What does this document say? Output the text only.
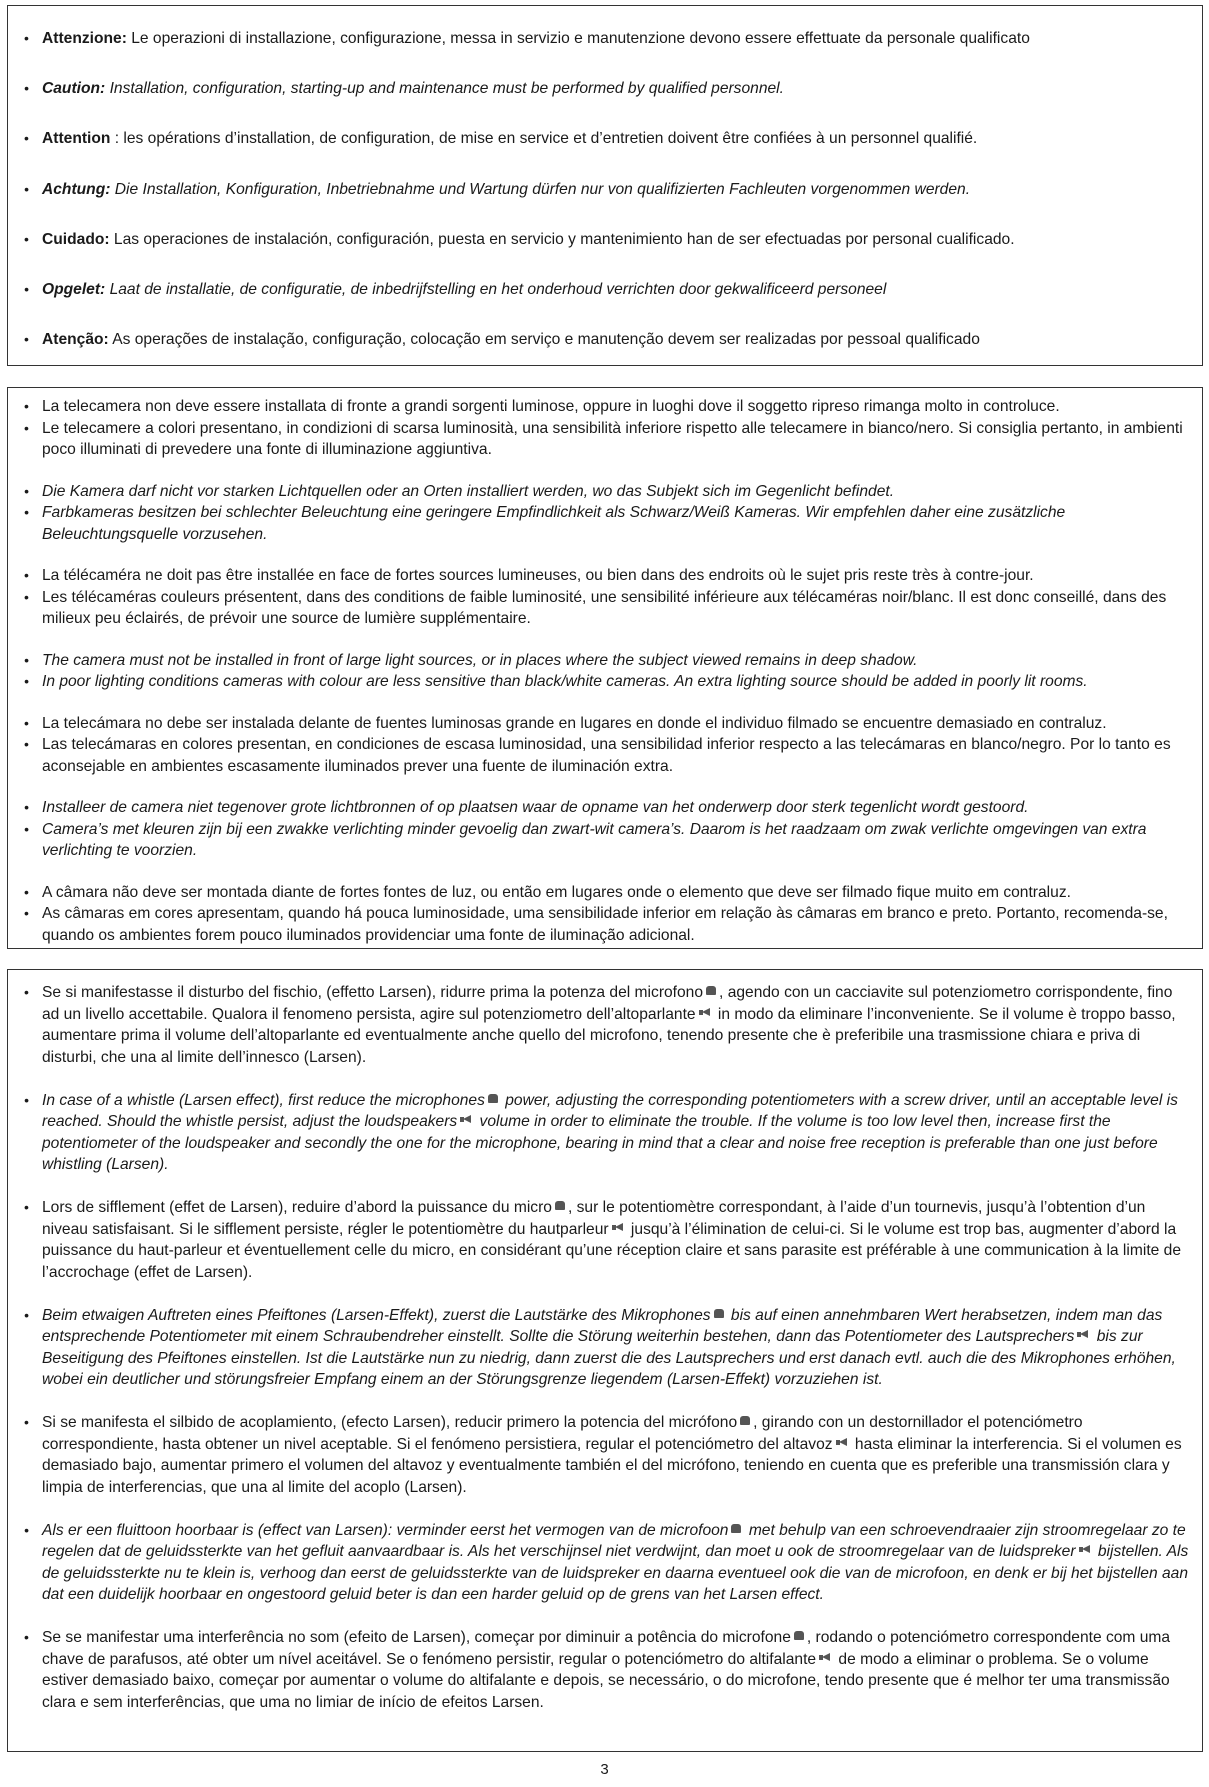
• Attenzione: Le operazioni di installazione, configurazione, messa in servizio e manutenzione devono essere effettuate da personale qualificato
• Caution: Installation, configuration, starting-up and maintenance must be performed by qualified personnel.
• Attention : les opérations d’installation, de configuration, de mise en service et d’entretien doivent être confiées à un personnel qualifié.
• Achtung: Die Installation, Konfiguration, Inbetriebnahme und Wartung dürfen nur von qualifizierten Fachleuten vorgenommen werden.
• Cuidado: Las operaciones de instalación, configuración, puesta en servicio y mantenimiento han de ser efectuadas por personal cualificado.
• Opgelet: Laat de installatie, de configuratie, de inbedrijfstelling en het onderhoud verrichten door gekwalificeerd personeel
• Atenção: As operações de instalação, configuração, colocação em serviço e manutenção devem ser realizadas por pessoal qualificado
• La telecamera non deve essere installata di fronte a grandi sorgenti luminose, oppure in luoghi dove il soggetto ripreso rimanga molto in controluce.
• Le telecamere a colori presentano, in condizioni di scarsa luminosità, una sensibilità inferiore rispetto alle telecamere in bianco/nero. Si consiglia pertanto, in ambienti poco illuminati di prevedere una fonte di illuminazione aggiuntiva.
• Die Kamera darf nicht vor starken Lichtquellen oder an Orten installiert werden, wo das Subjekt sich im Gegenlicht befindet.
• Farbkameras besitzen bei schlechter Beleuchtung eine geringere Empfindlichkeit als Schwarz/Weiß Kameras. Wir empfehlen daher eine zusätzliche Beleuchtungsquelle vorzusehen.
• La télécaméra ne doit pas être installée en face de fortes sources lumineuses, ou bien dans des endroits où le sujet pris reste très à contre-jour.
• Les télécaméras couleurs présentent, dans des conditions de faible luminosité, une sensibilité inférieure aux télécaméras noir/blanc. Il est donc conseillé, dans des milieux peu éclairés, de prévoir une source de lumière supplémentaire.
• The camera must not be installed in front of large light sources, or in places where the subject viewed remains in deep shadow.
• In poor lighting conditions cameras with colour are less sensitive than black/white cameras. An extra lighting source should be added in poorly lit rooms.
• La telecámara no debe ser instalada delante de fuentes luminosas grande en lugares en donde el individuo filmado se encuentre demasiado en contraluz.
• Las telecámaras en colores presentan, en condiciones de escasa luminosidad, una sensibilidad inferior respecto a las telecámaras en blanco/negro. Por lo tanto es aconsejable en ambientes escasamente iluminados prever una fuente de iluminación extra.
• Installeer de camera niet tegenover grote lichtbronnen of op plaatsen waar de opname van het onderwerp door sterk tegenlicht wordt gestoord.
• Camera’s met kleuren zijn bij een zwakke verlichting minder gevoelig dan zwart-wit camera’s. Daarom is het raadzaam om zwak verlichte omgevingen van extra verlichting te voorzien.
• A câmara não deve ser montada diante de fortes fontes de luz, ou então em lugares onde o elemento que deve ser filmado fique muito em contraluz.
• As câmaras em cores apresentam, quando há pouca luminosidade, uma sensibilidade inferior em relação às câmaras em branco e preto. Portanto, recomenda-se, quando os ambientes forem pouco iluminados providenciar uma fonte de iluminação adicional.
• Se si manifestasse il disturbo del fischio, (effetto Larsen), ridurre prima la potenza del microfono , agendo con un cacciavite sul potenziometro corrispondente, fino ad un livello accettabile. Qualora il fenomeno persista, agire sul potenziometro dell’altoparlante in modo da eliminare l’inconveniente. Se il volume è troppo basso, aumentare prima il volume dell’altoparlante ed eventualmente anche quello del microfono, tenendo presente che è preferibile una trasmissione chiara e priva di disturbi, che una al limite dell’innesco (Larsen).
• In case of a whistle (Larsen effect), first reduce the microphones power, adjusting the corresponding potentiometers with a screw driver, until an acceptable level is reached. Should the whistle persist, adjust the loudspeakers volume in order to eliminate the trouble. If the volume is too low level then, increase first the potentiometer of the loudspeaker and secondly the one for the microphone, bearing in mind that a clear and noise free reception is preferable than one just before whistling (Larsen).
• Lors de sifflement (effet de Larsen), reduire d’abord la puissance du micro , sur le potentiomètre correspondant, à l’aide d’un tournevis, jusqu’à l’obtention d’un niveau satisfaisant. Si le sifflement persiste, régler le potentiomètre du hautparleur jusqu’à l’élimination de celui-ci. Si le volume est trop bas, augmenter d’abord la puissance du haut-parleur et éventuellement celle du micro, en considérant qu’une réception claire et sans parasite est préférable à une communication à la limite de l’accrochage (effet de Larsen).
• Beim etwaigen Auftreten eines Pfeiftones (Larsen-Effekt), zuerst die Lautstärke des Mikrophones bis auf einen annehmbaren Wert herabsetzen, indem man das entsprechende Potentiometer mit einem Schraubendreher einstellt. Sollte die Störung weiterhin bestehen, dann das Potentiometer des Lautsprechers bis zur Beseitigung des Pfeiftones einstellen. Ist die Lautstärke nun zu niedrig, dann zuerst die des Lautsprechers und erst danach evtl. auch die des Mikrophones erhöhen, wobei ein deutlicher und störungsfreier Empfang einem an der Störungsgrenze liegendem (Larsen-Effekt) vorzuziehen ist.
• Si se manifesta el silbido de acoplamiento, (efecto Larsen), reducir primero la potencia del micrófono , girando con un destornillador el potenciómetro correspondiente, hasta obtener un nivel aceptable. Si el fenómeno persistiera, regular el potenciómetro del altavoz hasta eliminar la interferencia. Si el volumen es demasiado bajo, aumentar primero el volumen del altavoz y eventualmente también el del micrófono, teniendo en cuenta que es preferible una transmissión clara y limpia de interferencias, que una al limite del acoplo (Larsen).
• Als er een fluittoon hoorbaar is (effect van Larsen): verminder eerst het vermogen van de microfoon met behulp van een schroevendraaier zijn stroomregelaar zo te regelen dat de geluidssterkte van het gefluit aanvaardbaar is. Als het verschijnsel niet verdwijnt, dan moet u ook de stroomregelaar van de luidspreker bijstellen. Als de geluidssterkte nu te klein is, verhoog dan eerst de geluidssterkte van de luidspreker en daarna eventueel ook die van de microfoon, en denk er bij het bijstellen aan dat een duidelijk hoorbaar en ongestoord geluid beter is dan een harder geluid op de grens van het Larsen effect.
• Se se manifestar uma interferência no som (efeito de Larsen), começar por diminuir a potência do microfone , rodando o potenciómetro correspondente com uma chave de parafusos, até obter um nível aceitável. Se o fenómeno persistir, regular o potenciómetro do altifalante de modo a eliminar o problema. Se o volume estiver demasiado baixo, começar por aumentar o volume do altifalante e depois, se necessário, o do microfone, tendo presente que é melhor ter uma transmissão clara e sem interferências, que uma no limiar de início de efeitos Larsen.
3
